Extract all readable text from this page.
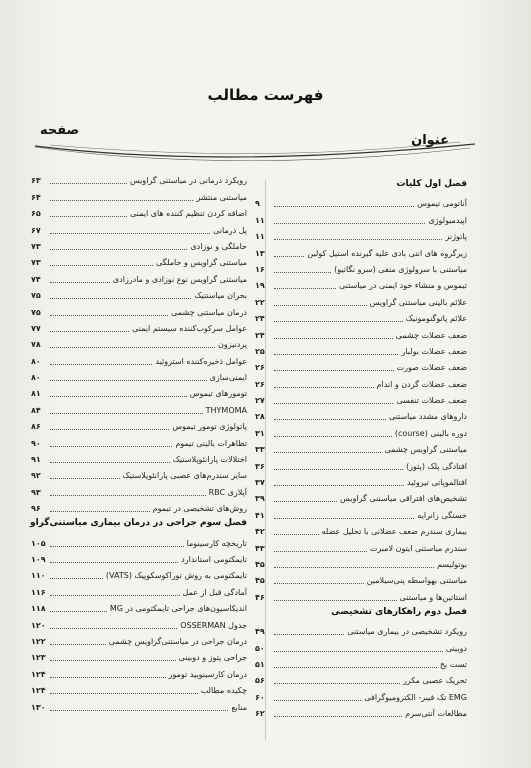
فهرست مطالب
عنوان
صفحه
فصل اول کلیات
آناتومی تیموس
۹
اپیدمیولوژی
۱۱
پاتوژنز
۱۱
زیرگروه های انتی بادی علیه گیرنده استیل کولین
۱۳
میاستنی با سرولوژی منفی (سرو نگاتیو)
۱۶
تیموس و منشاء خود ایمنی در میاستنی
۱۹
علائم بالینی میاستنی گراویس
۲۲
علائم پاتوگنومونیک
۲۴
ضعف عضلات چشمی
۲۴
ضعف عضلات بولبار
۲۵
ضعف عضلات صورت
۲۶
ضعف عضلات گردن و اندام
۲۶
ضعف عضلات تنفسی
۲۷
داروهای مشدد میاستنی
۲۸
دوره بالینی (course)
۳۱
میاستنی گراویس چشمی
۳۳
افتادگی پلک (پتوز)
۳۶
افتالموپاتی تیروئید
۳۷
تشخیص‌های افتراقی میاستنی گراویس
۳۹
خستگی زانرایه
۴۱
بیماری سندرم ضعف عضلانی با تحلیل عضله
۴۲
سندرم میاستنی ایتون لامبرت
۴۳
بوتولیسم
۴۵
میاستنی بهواسطه پنی‌سیلامین
۴۵
استاتین‌ها و میاستنی
۴۶
فصل دوم راهکارهای تشخیصی
رویکرد تشخیصی در بیماری میاستنی
۴۹
دوبینی
۵۰
تست یخ
۵۱
تحریک عصبی مکرر
۵۶
EMG تک فیبر- الکترومیوگرافی
۶۰
مطالعات آنتی‌سرم
۶۲
رویکرد درمانی در میاستنی گراویس
۶۳
میاستنی منتشر
۶۴
اضافه کردن تنظیم کننده های ایمنی
۶۵
پل درمانی
۶۷
حاملگی و نوزادی
۷۳
میاستنی گراویس و حاملگی
۷۳
میاستنی گراویس نوع نوزادی و مادرزادی
۷۴
بحران میاستنیک
۷۵
درمان میاستنی چشمی
۷۵
عوامل سرکوب‌کننده سیستم ایمنی
۷۷
پردنیزون
۷۸
عوامل ذخیره‌کننده استروئید
۸۰
ایمنی‌سازی
۸۰
تومورهای تیموس
۸۱
THYMOMA
۸۴
پاتولوژی تومور تیموس
۸۶
تظاهرات بالینی تیموم
۹۰
اختلالات پارانئوپلاستیک
۹۱
سایر سندرم‌های عصبی پارانئوپلاستیک
۹۲
آپلازی RBC
۹۳
روش‌های تشخیصی در تیموم
۹۶
فصل سوم جراحی در درمان بیماری میاستنی‌گراو
تاریخچه کارسینوما
۱۰۵
تایمکتومی استاندارد
۱۰۹
تایمکتومی به روش توراکوسکوپیک (VATS)
۱۱۰
آمادگی قبل از عمل
۱۱۶
اندیکاسیون‌های جراحی تایمکتومی در MG
۱۱۸
جدول OSSERMAN
۱۲۰
درمان جراحی در میاستنی‌گراویس چشمی
۱۲۲
جراحی پتوز و دوبینی
۱۲۳
درمان کارسینویید تومور
۱۲۴
چکیده مطالب
۱۲۴
منابع
۱۳۰
